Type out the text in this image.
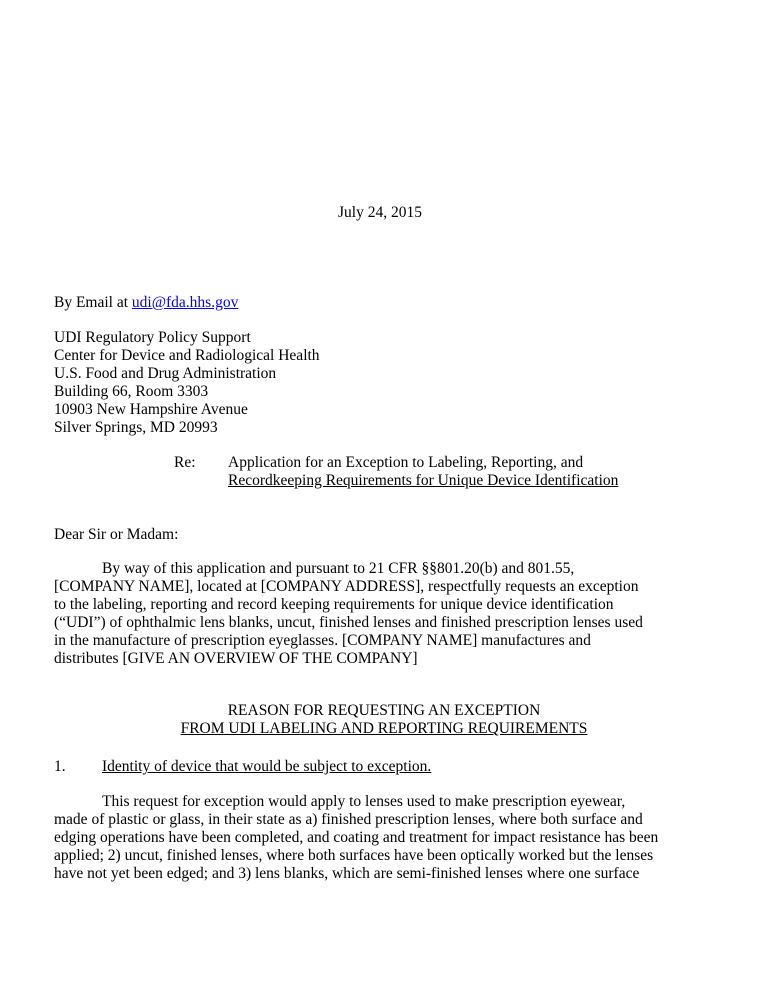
July 24, 2015
By Email at udi@fda.hhs.gov
UDI Regulatory Policy Support
Center for Device and Radiological Health
U.S. Food and Drug Administration
Building 66, Room 3303
10903 New Hampshire Avenue
Silver Springs, MD 20993
Re: Application for an Exception to Labeling, Reporting, and
Recordkeeping Requirements for Unique Device Identification
Dear Sir or Madam:
By way of this application and pursuant to 21 CFR §§801.20(b) and 801.55,
[COMPANY NAME], located at [COMPANY ADDRESS], respectfully requests an exception
to the labeling, reporting and record keeping requirements for unique device identification
(“UDI”) of ophthalmic lens blanks, uncut, finished lenses and finished prescription lenses used
in the manufacture of prescription eyeglasses. [COMPANY NAME] manufactures and
distributes [GIVE AN OVERVIEW OF THE COMPANY]
REASON FOR REQUESTING AN EXCEPTION
FROM UDI LABELING AND REPORTING REQUIREMENTS
1. Identity of device that would be subject to exception.
This request for exception would apply to lenses used to make prescription eyewear,
made of plastic or glass, in their state as a) finished prescription lenses, where both surface and
edging operations have been completed, and coating and treatment for impact resistance has been
applied; 2) uncut, finished lenses, where both surfaces have been optically worked but the lenses
have not yet been edged; and 3) lens blanks, which are semi-finished lenses where one surface
